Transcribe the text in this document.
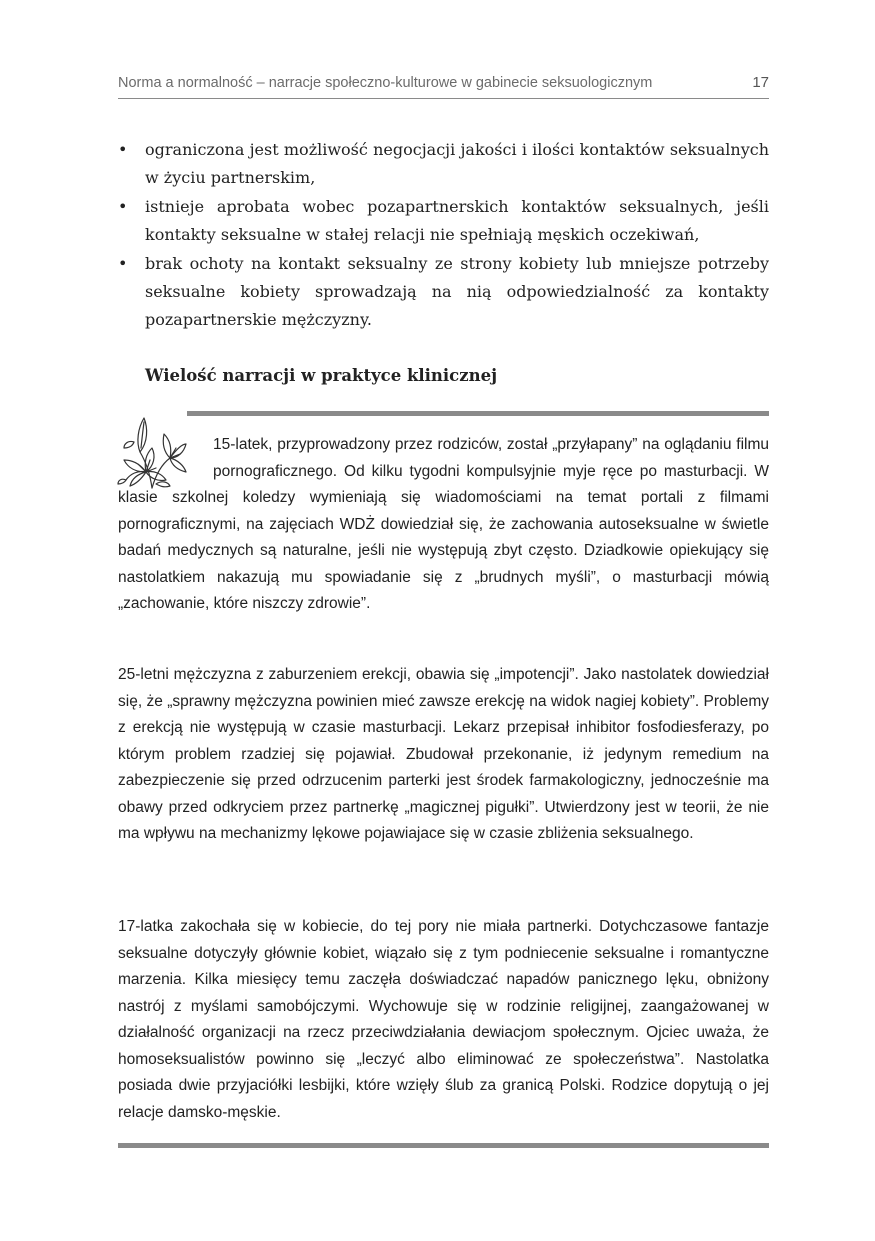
Norma a normalność – narracje społeczno-kulturowe w gabinecie seksuologicznym	17
• ograniczona jest możliwość negocjacji jakości i ilości kontaktów seksualnych w życiu partnerskim,
• istnieje aprobata wobec pozapartnerskich kontaktów seksualnych, jeśli kontakty seksualne w stałej relacji nie spełniają męskich oczekiwań,
• brak ochoty na kontakt seksualny ze strony kobiety lub mniejsze potrzeby seksualne kobiety sprowadzają na nią odpowiedzialność za kontakty pozapartnerskie mężczyzny.
Wielość narracji w praktyce klinicznej

15-latek, przyprowadzony przez rodziców, został „przyłapany” na oglądaniu filmu pornograficznego. Od kilku tygodni kompulsyjnie myje ręce po masturbacji. W klasie szkolnej koledzy wymieniają się wiadomościami na temat portali z filmami pornograficznymi, na zajęciach WDŻ dowiedział się, że zachowania autoseksualne w świetle badań medycznych są naturalne, jeśli nie występują zbyt często. Dziadkowie opiekujący się nastolatkiem nakazują mu spowiadanie się z „brudnych myśli”, o masturbacji mówią „zachowanie, które niszczy zdrowie”.

25-letni mężczyzna z zaburzeniem erekcji, obawia się „impotencji”. Jako nastolatek dowiedział się, że „sprawny mężczyzna powinien mieć zawsze erekcję na widok nagiej kobiety”. Problemy z erekcją nie występują w czasie masturbacji. Lekarz przepisał inhibitor fosfodiesferazy, po którym problem rzadziej się pojawiał. Zbudował przekonanie, iż jedynym remedium na zabezpieczenie się przed odrzucenim parterki jest środek farmakologiczny, jednocześnie ma obawy przed odkryciem przez partnerkę „magicznej pigułki”. Utwierdzony jest w teorii, że nie ma wpływu na mechanizmy lękowe pojawiajace się w czasie zbliżenia seksualnego.

17-latka zakochała się w kobiecie, do tej pory nie miała partnerki. Dotychczasowe fantazje seksualne dotyczyły głównie kobiet, wiązało się z tym podniecenie seksualne i romantyczne marzenia. Kilka miesięcy temu zaczęła doświadczać napadów panicznego lęku, obniżony nastrój z myślami samobójczymi. Wychowuje się w rodzinie religijnej, zaangażowanej w działalność organizacji na rzecz przeciwdziałania dewiacjom społecznym. Ojciec uważa, że homoseksualistów powinno się „leczyć albo eliminować ze społeczeństwa”. Nastolatka posiada dwie przyjaciółki lesbijki, które wzięły ślub za granicą Polski. Rodzice dopytują o jej relacje damsko-męskie.
